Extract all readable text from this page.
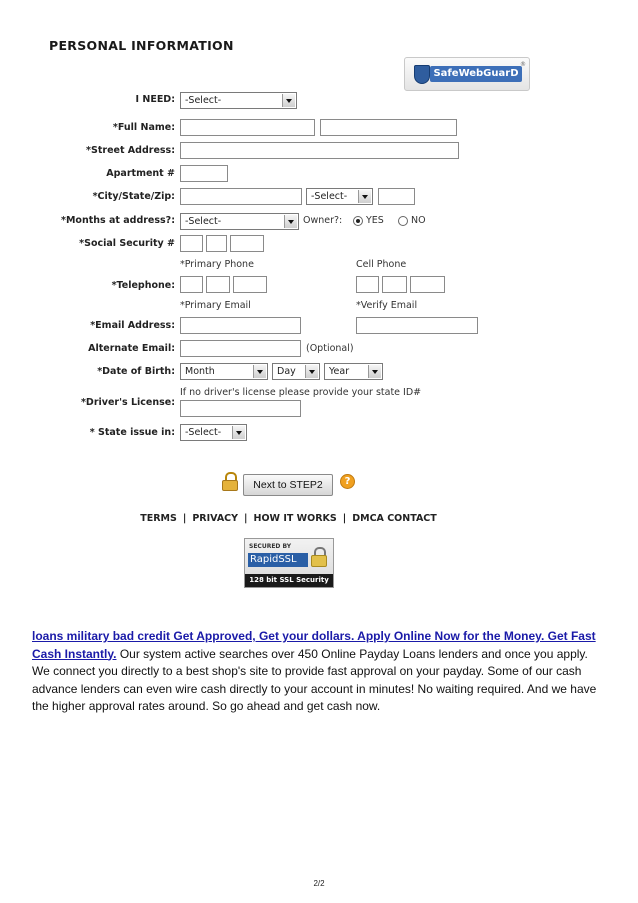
PERSONAL INFORMATION
SafeWebGuarD
®
I NEED:	-Select-
*Full Name:
*Street Address:
Apartment #
*City/State/Zip:	-Select-
*Months at address?:	-Select-	Owner?: YES	NO
*Social Security #
*Primary Phone	Cell Phone
*Telephone:
*Primary Email	*Verify Email
*Email Address:
Alternate Email:	(Optional)
*Date of Birth:	Month	Day	Year
If no driver's license please provide your state ID#
*Driver's License:
* State issue in:	-Select-
Next to STEP2	?
TERMS | PRIVACY | HOW IT WORKS | DMCA CONTACT
SECURED BY
RapidSSL
128 bit SSL Security
loans military bad credit Get Approved, Get your dollars. Apply Online Now for the Money. Get Fast Cash Instantly. Our system active searches over 450 Online Payday Loans lenders and once you apply. We connect you directly to a best shop's site to provide fast approval on your payday. Some of our cash advance lenders can even wire cash directly to your account in minutes! No waiting required. And we have the higher approval rates around. So go ahead and get cash now.
2/2
